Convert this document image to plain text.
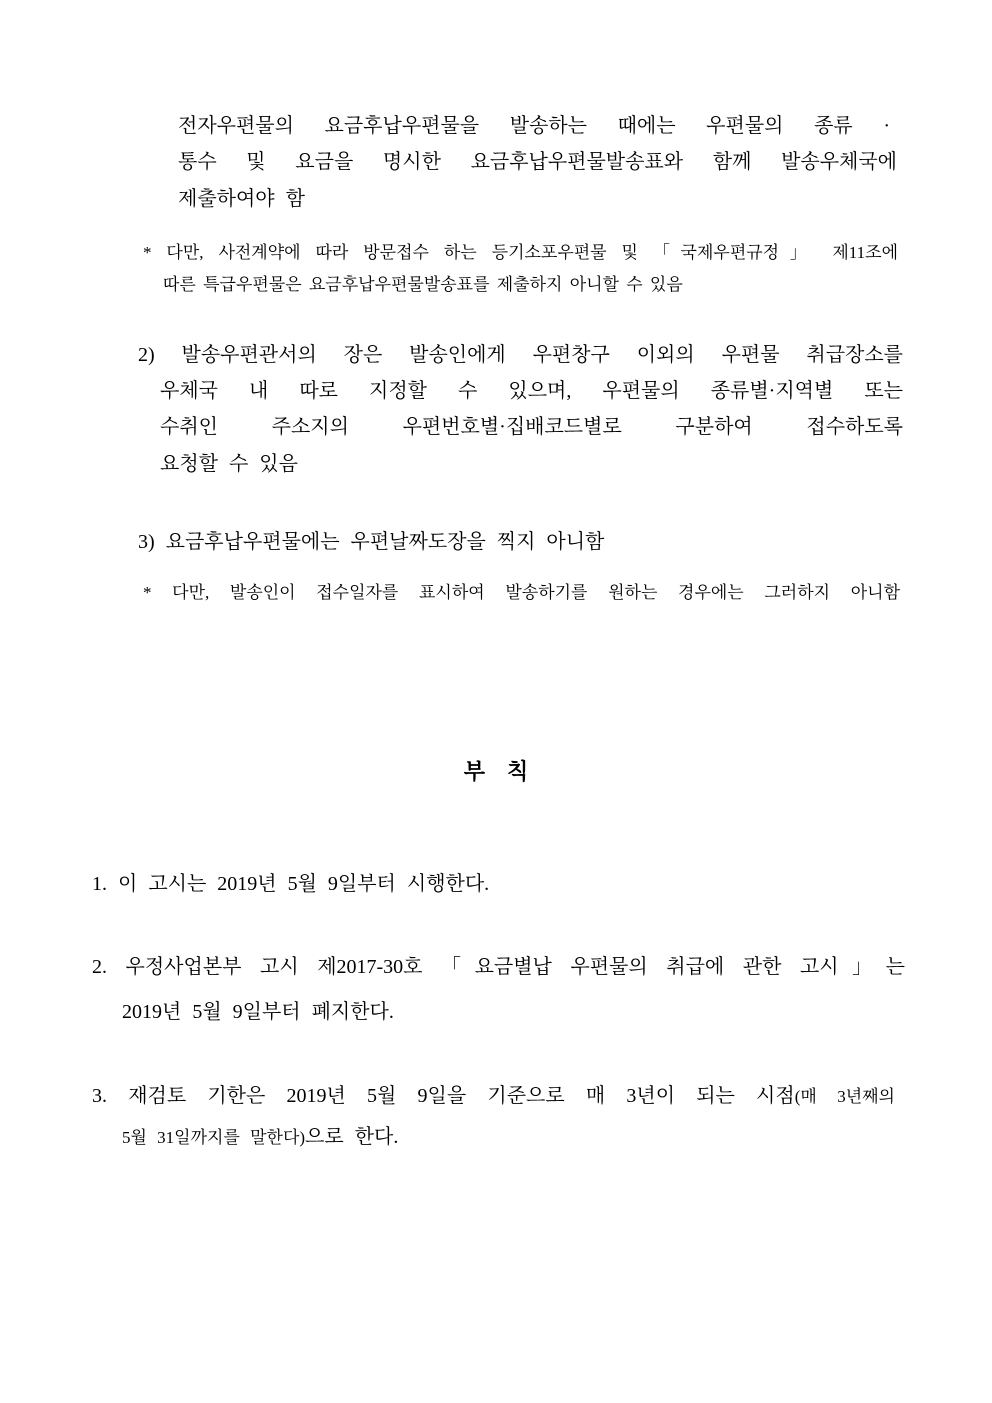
전자우편물의 요금후납우편물을 발송하는 때에는 우편물의 종류 ·
통수 및 요금을 명시한 요금후납우편물발송표와 함께 발송우체국에
제출하여야 함
* 다만, 사전계약에 따라 방문접수 하는 등기소포우편물 및 「국제우편규정」 제11조에
따른 특급우편물은 요금후납우편물발송표를 제출하지 아니할 수 있음
2) 발송우편관서의 장은 발송인에게 우편창구 이외의 우편물 취급장소를
우체국 내 따로 지정할 수 있으며, 우편물의 종류별·지역별 또는
수취인 주소지의 우편번호별·집배코드별로 구분하여 접수하도록
요청할 수 있음
3) 요금후납우편물에는 우편날짜도장을 찍지 아니함
* 다만, 발송인이 접수일자를 표시하여 발송하기를 원하는 경우에는 그러하지 아니함
부    칙
1. 이 고시는 2019년 5월 9일부터 시행한다.
2. 우정사업본부 고시 제2017-30호 「요금별납 우편물의 취급에 관한 고시」는
2019년 5월 9일부터 폐지한다.
3. 재검토 기한은 2019년 5월 9일을 기준으로 매 3년이 되는 시점(매 3년째의
5월 31일까지를 말한다)으로 한다.
